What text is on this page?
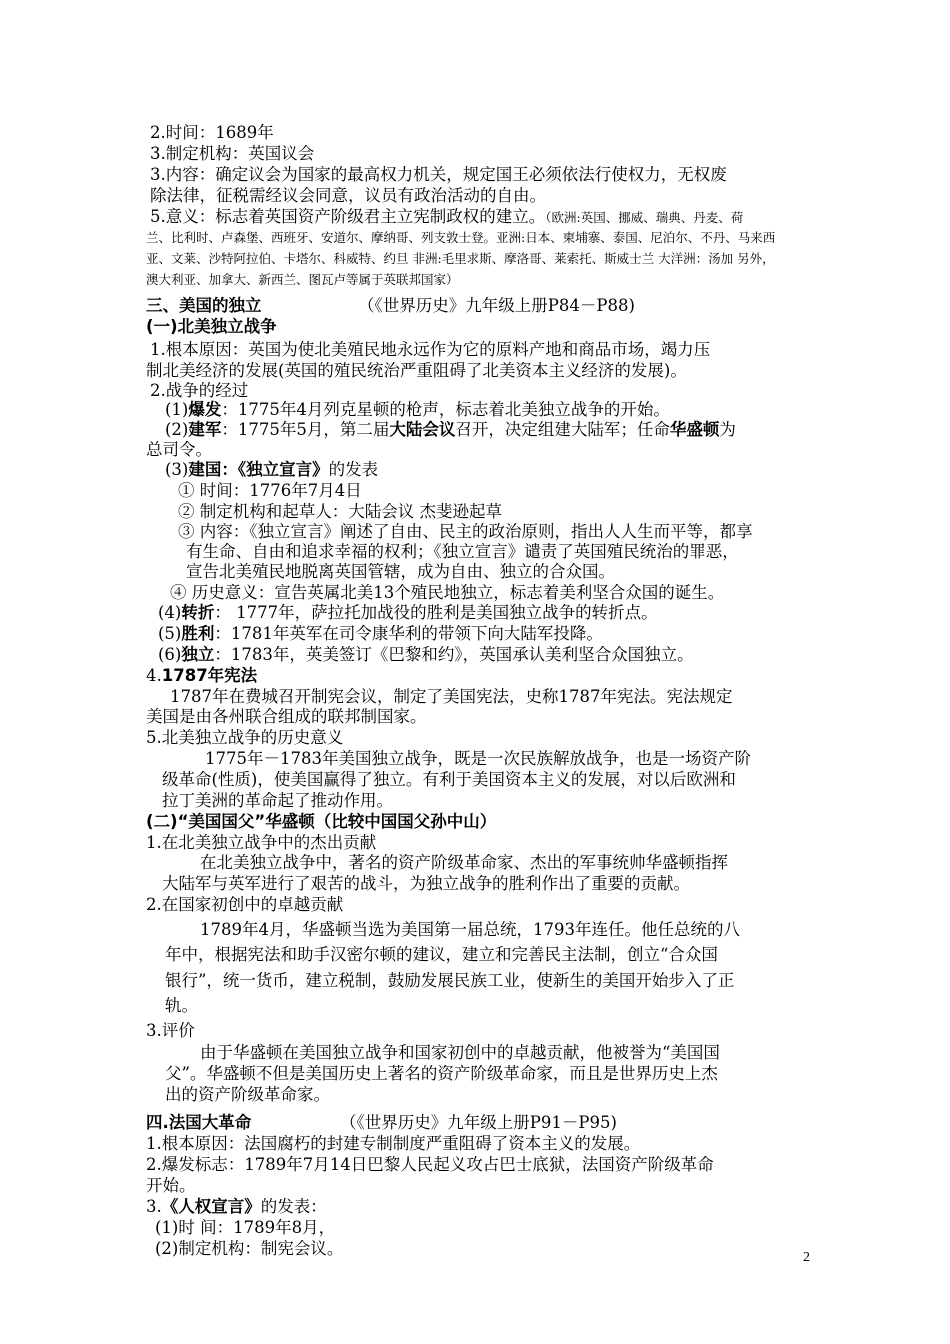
2.时间：1689年
3.制定机构：英国议会
3.内容：确定议会为国家的最高权力机关，规定国王必须依法行使权力，无权废
除法律，征税需经议会同意，议员有政治活动的自由。
5.意义：标志着英国资产阶级君主立宪制政权的建立。（欧洲:英国、挪威、瑞典、丹麦、荷
兰、比利时、卢森堡、西班牙、安道尔、摩纳哥、列支敦士登。亚洲:日本、柬埔寨、泰国、尼泊尔、不丹、马来西
亚、文莱、沙特阿拉伯、卡塔尔、科威特、约旦 非洲:毛里求斯、摩洛哥、莱索托、斯威士兰 大洋洲：汤加 另外，
澳大利亚、加拿大、新西兰、图瓦卢等属于英联邦国家）
三、美国的独立	（《世界历史》九年级上册P84－P88)
(一)北美独立战争
1.根本原因：英国为使北美殖民地永远作为它的原料产地和商品市场，竭力压
制北美经济的发展(英国的殖民统治严重阻碍了北美资本主义经济的发展)。
2.战争的经过
(1)爆发：1775年4月列克星顿的枪声，标志着北美独立战争的开始。
(2)建军：1775年5月，第二届大陆会议召开，决定组建大陆军；任命华盛顿为
总司令。
(3)建国：《独立宣言》的发表
① 时间：1776年7月4日
② 制定机构和起草人：大陆会议 杰斐逊起草
③ 内容：《独立宣言》阐述了自由、民主的政治原则，指出人人生而平等，都享
有生命、自由和追求幸福的权利；《独立宣言》谴责了英国殖民统治的罪恶，
宣告北美殖民地脱离英国管辖，成为自由、独立的合众国。
④ 历史意义：宣告英属北美13个殖民地独立，标志着美利坚合众国的诞生。
(4)转折： 1777年，萨拉托加战役的胜利是美国独立战争的转折点。
(5)胜利：1781年英军在司令康华利的带领下向大陆军投降。
(6)独立：1783年，英美签订《巴黎和约》，英国承认美利坚合众国独立。
4.1787年宪法
1787年在费城召开制宪会议，制定了美国宪法，史称1787年宪法。宪法规定
美国是由各州联合组成的联邦制国家。
5.北美独立战争的历史意义
1775年－1783年美国独立战争，既是一次民族解放战争，也是一场资产阶
级革命(性质)，使美国赢得了独立。有利于美国资本主义的发展，对以后欧洲和
拉丁美洲的革命起了推动作用。
(二)“美国国父”华盛顿（比较中国国父孙中山）
1.在北美独立战争中的杰出贡献
在北美独立战争中，著名的资产阶级革命家、杰出的军事统帅华盛顿指挥
大陆军与英军进行了艰苦的战斗，为独立战争的胜利作出了重要的贡献。
2.在国家初创中的卓越贡献
1789年4月，华盛顿当选为美国第一届总统，1793年连任。他任总统的八
年中，根据宪法和助手汉密尔顿的建议，建立和完善民主法制，创立“合众国
银行”，统一货币，建立税制，鼓励发展民族工业，使新生的美国开始步入了正
轨。
3.评价
由于华盛顿在美国独立战争和国家初创中的卓越贡献，他被誉为“美国国
父”。华盛顿不但是美国历史上著名的资产阶级革命家，而且是世界历史上杰
出的资产阶级革命家。
四.法国大革命	（《世界历史》九年级上册P91－P95)
1.根本原因：法国腐朽的封建专制制度严重阻碍了资本主义的发展。
2.爆发标志：1789年7月14日巴黎人民起义攻占巴士底狱，法国资产阶级革命
开始。
3.《人权宣言》的发表：
(1)时 间：1789年8月，
(2)制定机构：制宪会议。	2
